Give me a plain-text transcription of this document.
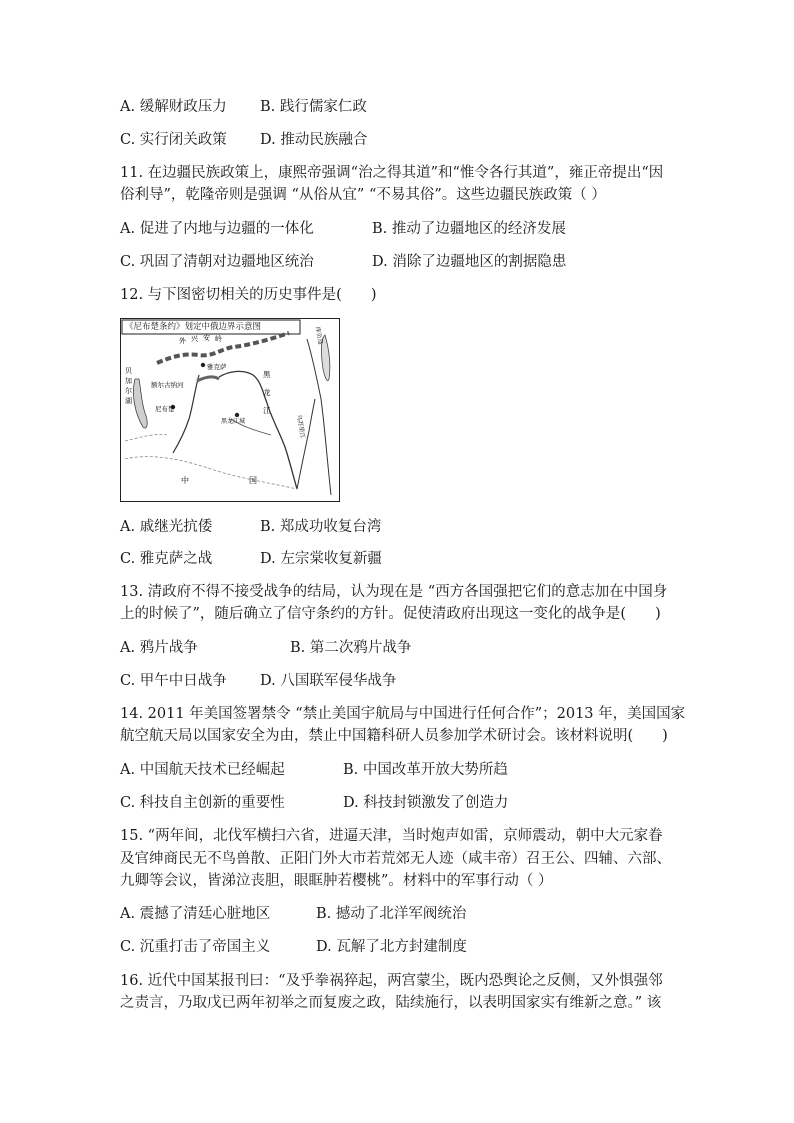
A. 缓解财政压力 B. 践行儒家仁政
C. 实行闭关政策 D. 推动民族融合
11. 在边疆民族政策上，康熙帝强调“治之得其道”和“惟令各行其道”，雍正帝提出“因
俗利导”，乾隆帝则是强调 “从俗从宜” “不易其俗”。这些边疆民族政策（ ）
A. 促进了内地与边疆的一体化	B. 推动了边疆地区的经济发展
C. 巩固了清朝对边疆地区统治	D. 消除了边疆地区的割据隐患
12. 与下图密切相关的历史事件是(　　)
贝
加
尔
湖
外 兴 安 岭
额尔古纳河
尼布楚
雅克萨
黑龙江城
黑
龙
江
乌苏里江
库页岛
中	国
《尼布楚条约》划定中俄边界示意图
A. 戚继光抗倭	B. 郑成功收复台湾
C. 雅克萨之战	D. 左宗棠收复新疆
13. 清政府不得不接受战争的结局，认为现在是 “西方各国强把它们的意志加在中国身
上的时候了”，随后确立了信守条约的方针。促使清政府出现这一变化的战争是(　　)
A. 鸦片战争	B. 第二次鸦片战争
C. 甲午中日战争 D. 八国联军侵华战争
14. 2011 年美国签署禁令 “禁止美国宇航局与中国进行任何合作”；2013 年，美国国家
航空航天局以国家安全为由，禁止中国籍科研人员参加学术研讨会。该材料说明(　　)
A. 中国航天技术已经崛起	B. 中国改革开放大势所趋
C. 科技自主创新的重要性	D. 科技封锁激发了创造力
15. “两年间，北伐军横扫六省，进逼天津，当时炮声如雷，京师震动，朝中大元家眷
及官绅商民无不鸟兽散、正阳门外大市若荒郊无人迹（咸丰帝）召王公、四辅、六部、
九卿等会议，皆涕泣丧胆，眼眶肿若樱桃”。材料中的军事行动（ ）
A. 震撼了清廷心脏地区	B. 撼动了北洋军阀统治
C. 沉重打击了帝国主义	D. 瓦解了北方封建制度
16. 近代中国某报刊曰：“及乎拳祸猝起，两宫蒙尘，既内恐舆论之反侧，又外惧强邻
之责言，乃取戊已两年初举之而复废之政，陆续施行，以表明国家实有维新之意。” 该
